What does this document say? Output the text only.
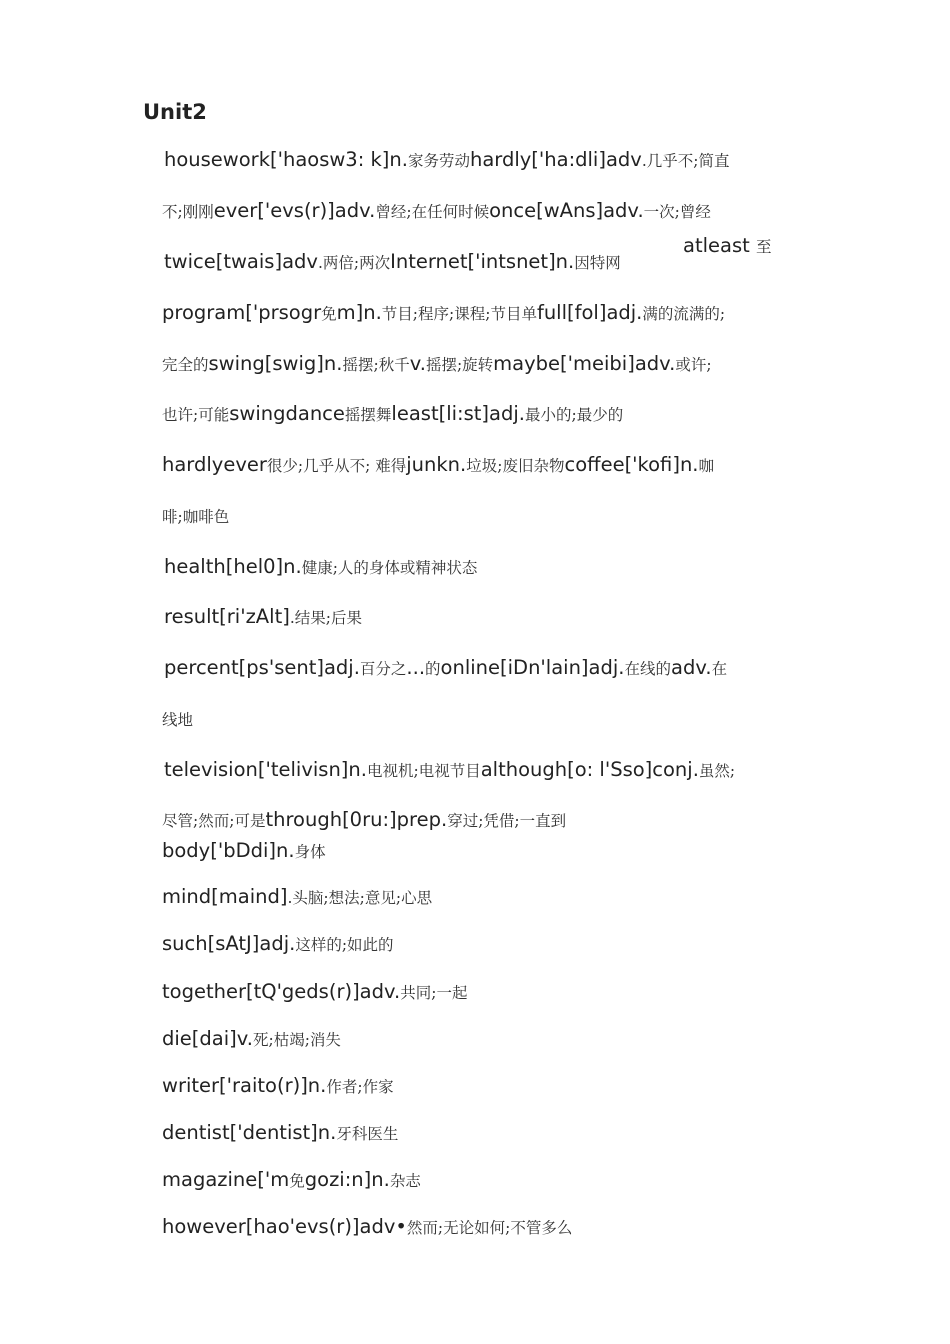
Unit2
atleast 至
housework['haosw3: k]n.家务劳动hardly['ha:dli]adv.几乎不;简直
不;刚刚ever['evs(r)]adv.曾经;在任何时候once[wAns]adv.一次;曾经
twice[twais]adv.两倍;两次Internet['intsnet]n.因特网
program['prsogr免m]n.节目;程序;课程;节目单full[fol]adj.满的流满的;
完全的swing[swig]n.摇摆;秋千v.摇摆;旋转maybe['meibi]adv.或许;
也许;可能swingdance摇摆舞least[li:st]adj.最小的;最少的
hardlyever很少;几乎从不; 难得junkn.垃圾;废旧杂物coffee['kofi]n.咖
啡;咖啡色
health[hel0]n.健康;人的身体或精神状态
result[ri'zAlt].结果;后果
percent[ps'sent]adj.百分之...的online[iDn'lain]adj.在线的adv.在
线地
television['telivisn]n.电视机;电视节目although[o: l'Sso]conj.虽然;
尽管;然而;可是through[0ru:]prep.穿过;凭借;一直到
body['bDdi]n.身体
mind[maind].头脑;想法;意见;心思
such[sAtJ]adj.这样的;如此的
together[tQ'geds(r)]adv.共同;一起
die[dai]v.死;枯竭;消失
writer['raito(r)]n.作者;作家
dentist['dentist]n.牙科医生
magazine['m免gozi:n]n.杂志
however[hao'evs(r)]adv•然而;无论如何;不管多么
